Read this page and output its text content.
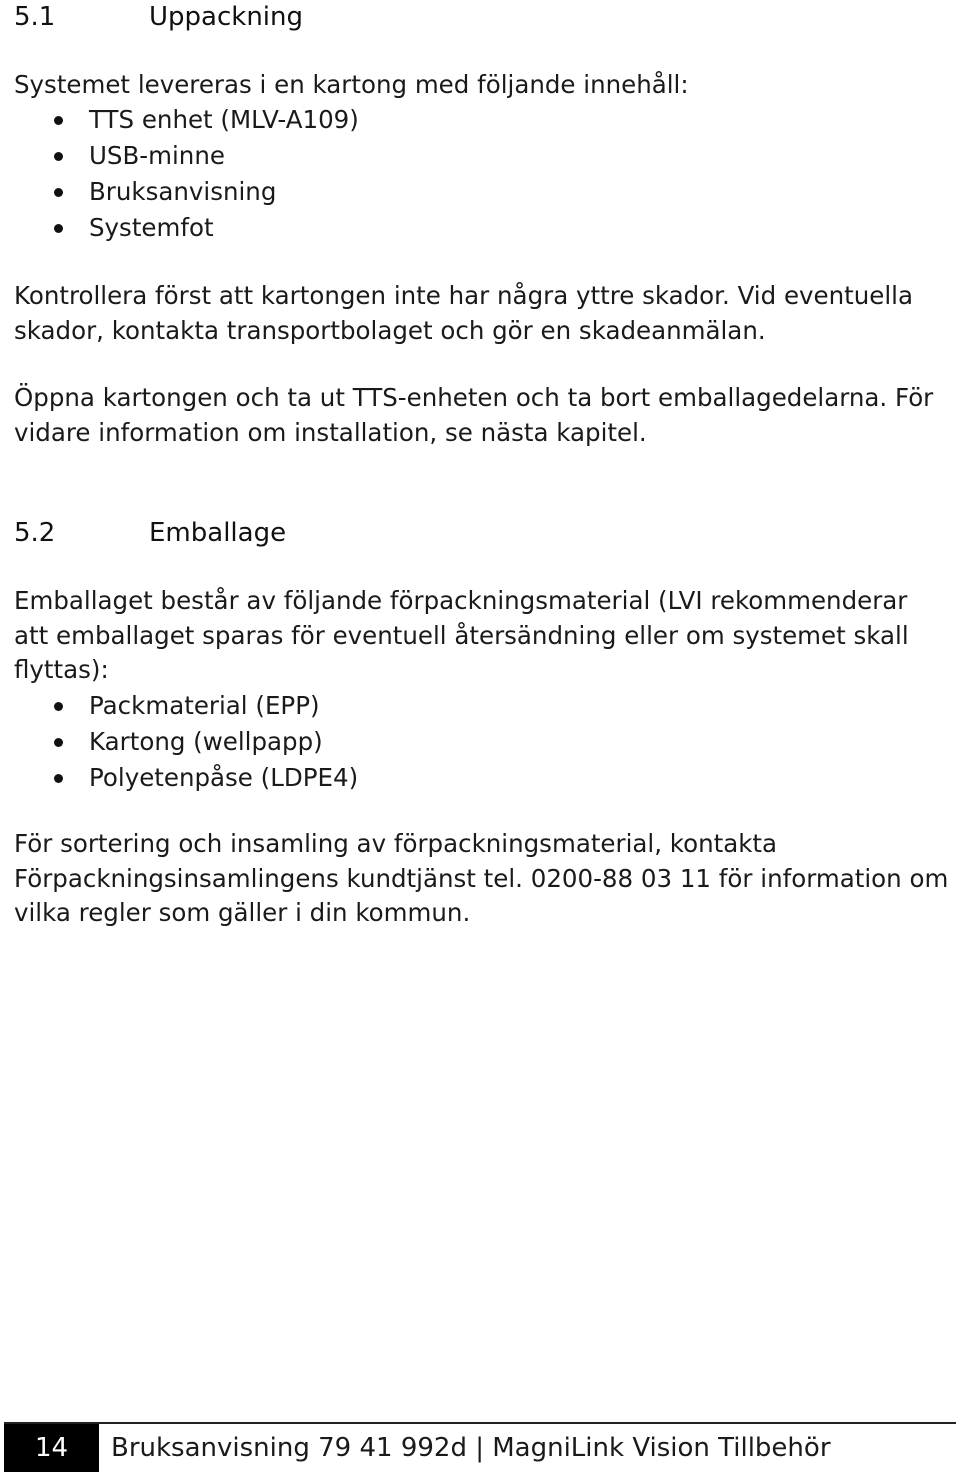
5.1	Uppackning

Systemet levereras i en kartong med följande innehåll:

TTS enhet (MLV-A109)
USB-minne
Bruksanvisning
Systemfot

Kontrollera först att kartongen inte har några yttre skador. Vid eventuella skador, kontakta transportbolaget och gör en skadeanmälan.

Öppna kartongen och ta ut TTS-enheten och ta bort emballagedelarna. För vidare information om installation, se nästa kapitel.

5.2	Emballage

Emballaget består av följande förpackningsmaterial (LVI rekommenderar att emballaget sparas för eventuell återsändning eller om systemet skall flyttas):

Packmaterial (EPP)
Kartong (wellpapp)
Polyetenpåse (LDPE4)

För sortering och insamling av förpackningsmaterial, kontakta Förpackningsinsamlingens kundtjänst tel. 0200-88 03 11 för information om vilka regler som gäller i din kommun.

14	Bruksanvisning 79 41 992d | MagniLink Vision Tillbehör
